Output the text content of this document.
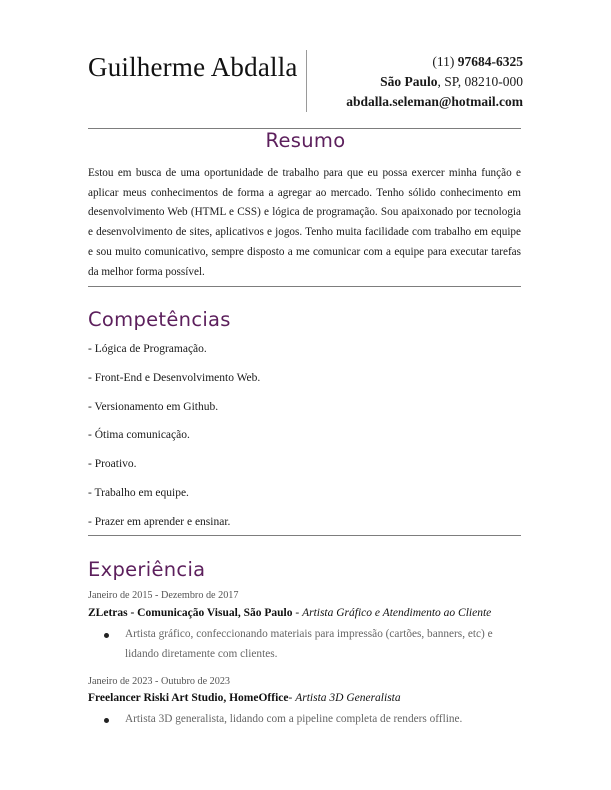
Guilherme Abdalla	(11) 97684-6325
São Paulo, SP, 08210-000
abdalla.seleman@hotmail.com
Resumo
Estou em busca de uma oportunidade de trabalho para que eu possa exercer minha função e aplicar meus conhecimentos de forma a agregar ao mercado. Tenho sólido conhecimento em desenvolvimento Web (HTML e CSS) e lógica de programação. Sou apaixonado por tecnologia e desenvolvimento de sites, aplicativos e jogos. Tenho muita facilidade com trabalho em equipe e sou muito comunicativo, sempre disposto a me comunicar com a equipe para executar tarefas da melhor forma possível.
Competências
- Lógica de Programação.
- Front-End e Desenvolvimento Web.
- Versionamento em Github.
- Ótima comunicação.
- Proativo.
- Trabalho em equipe.
- Prazer em aprender e ensinar.
Experiência
Janeiro de 2015 - Dezembro de 2017
ZLetras - Comunicação Visual, São Paulo - Artista Gráfico e Atendimento ao Cliente
Artista gráfico, confeccionando materiais para impressão (cartões, banners, etc) e
lidando diretamente com clientes.
Janeiro de 2023 - Outubro de 2023
Freelancer Riski Art Studio, HomeOffice- Artista 3D Generalista
Artista 3D generalista, lidando com a pipeline completa de renders offline.
